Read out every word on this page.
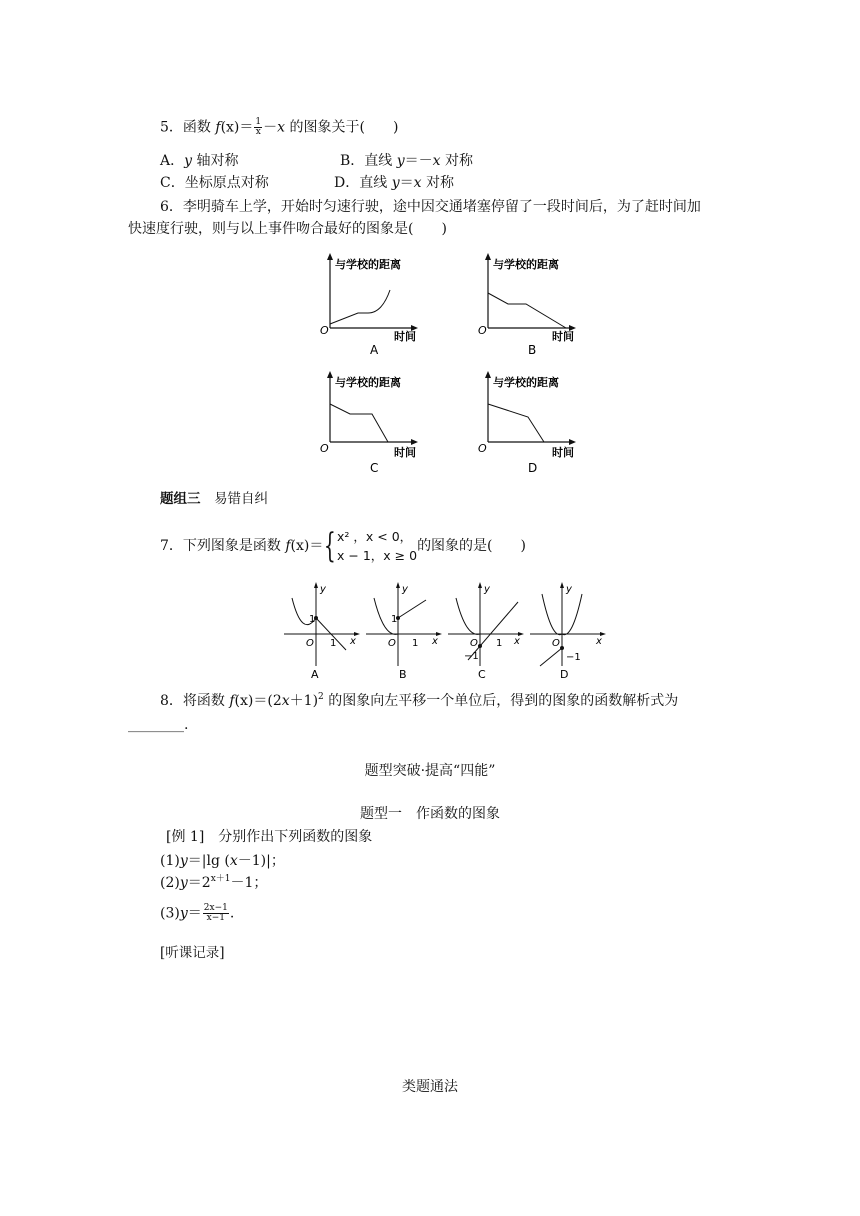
5．函数 $f(x)= \frac{1}{x} -x$ 的图象关于(　　)
A．y 轴对称	B．直线 y＝－x 对称
C．坐标原点对称	D．直线 y＝x 对称
6．李明骑车上学，开始时匀速行驶，途中因交通堵塞停留了一段时间后，为了赶时间加
快速度行驶，则与以上事件吻合最好的图象是(　　)
与学校的距离
O	时间
A
与学校的距离
O	时间
B
与学校的距离
O	时间
C
与学校的距离
O	时间
D
题组三　 易错自纠
7．下列图象是函数 f(x)＝{ x² ，x < 0，
x − 1，x ≥ 0
的图象的是(　　)
y
x
O
1
1
A
y
x
O
1
1
B
y
x
O
−1
1
C
y
x
O
−1
D
8．将函数 $f(x)=(2x+1)^2$ 的图象向左平移一个单位后，得到的图象的函数解析式为
________.
题型突破·提高“四能”
题型一　作函数的图象
[例 1]　分别作出下列函数的图象
(1)y＝|lg (x－1)|；
$(2)y=2^{x+1}-1$；
$(3)y= \frac{2x-1}{x-1}$ .
[听课记录]
类题通法
